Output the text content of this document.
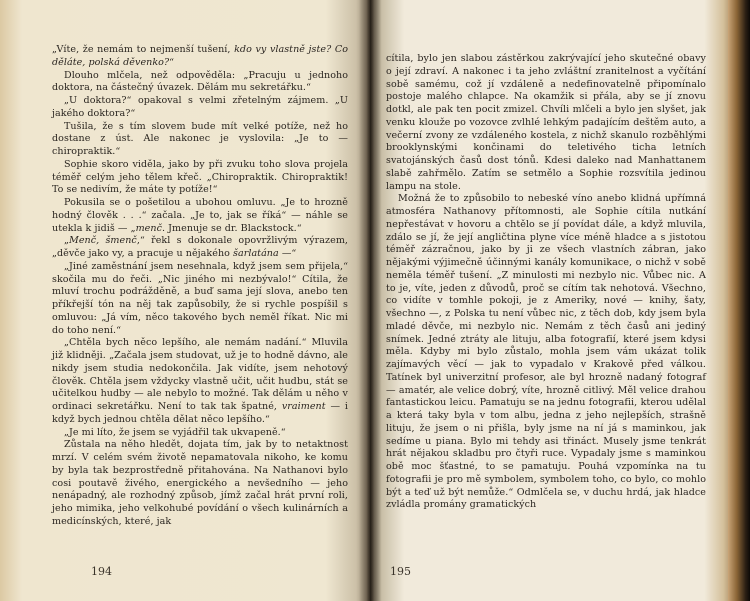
„Víte, že nemám to nejmenší tušení, kdo vy vlastně jste? Co děláte, polská děvenko?“

Dlouho mlčela, než odpověděla: „Pracuju u jednoho doktora, na částečný úvazek. Dělám mu sekretářku.“

„U doktora?“ opakoval s velmi zřetelným zájmem. „U jakého doktora?“

Tušila, že s tím slovem bude mít velké potíže, než ho dostane z úst. Ale nakonec je vyslovila: „Je to — chiropraktik.“

Sophie skoro viděla, jako by při zvuku toho slova projela téměř celým jeho tělem křeč. „Chiropraktik. Chiropraktik! To se nedivím, že máte ty potíže!“

Pokusila se o pošetilou a ubohou omluvu. „Je to hrozně hodný člověk . . .“ začala. „Je to, jak se říká“ — náhle se utekla k jidiš — „menč. Jmenuje se dr. Blackstock.“

„Menč, šmenč,“ řekl s dokonale opovržlivým výrazem, „děvče jako vy, a pracuje u nějakého šarlatána —“

„Jiné zaměstnání jsem nesehnala, když jsem sem přijela,“ skočila mu do řeči. „Nic jiného mi nezbývalo!“ Cítila, že mluví trochu podrážděně, a buď sama její slova, anebo ten příkřejší tón na něj tak zapůsobily, že si rychle pospíšil s omluvou: „Já vím, něco takového bych neměl říkat. Nic mi do toho není.“

„Chtěla bych něco lepšího, ale nemám nadání.“ Mluvila již klidněji. „Začala jsem studovat, už je to hodně dávno, ale nikdy jsem studia nedokončila. Jak vidíte, jsem nehotový člověk. Chtěla jsem vždycky vlastně učit, učit hudbu, stát se učitelkou hudby — ale nebylo to možné. Tak dělám u něho v ordinaci sekretářku. Není to tak tak špatné, vraiment — i když bych jednou chtěla dělat něco lepšího.“

„Je mi líto, že jsem se vyjádřil tak ukvapeně.“

Zůstala na něho hledět, dojata tím, jak by to netaktnost mrzí. V celém svém životě nepamatovala nikoho, ke komu by byla tak bezprostředně přitahována. Na Nathanovi bylo cosi poutavě živého, energického a nevšedního — jeho nenápadný, ale rozhodný způsob, jímž začal hrát první roli, jeho mimika, jeho velkohubé povídání o všech kulinárních a medicínských, které, jak

194

cítila, bylo jen slabou zástěrkou zakrývající jeho skutečné obavy o její zdraví. A nakonec i ta jeho zvláštní zranitelnost a vyčítání sobě samému, což jí vzdáleně a nedefinovatelně připomínalo postoje malého chlapce. Na okamžik si přála, aby se jí znovu dotkl, ale pak ten pocit zmizel. Chvíli mlčeli a bylo jen slyšet, jak venku klouže po vozovce zvlhlé lehkým padajícím deštěm auto, a večerní zvony ze vzdáleného kostela, z nichž skanulo rozběhlými brooklynskými končinami do teletivého ticha letních svatojánských časů dost tónů. Kdesi daleko nad Manhattanem slabě zahřmělo. Zatím se setmělo a Sophie rozsvítila jedinou lampu na stole.

Možná že to způsobilo to nebeské víno anebo klidná upřímná atmosféra Nathanovy přítomnosti, ale Sophie cítila nutkání nepřestávat v hovoru a chtělo se jí povídat dále, a když mluvila, zdálo se jí, že její angličtina plyne více méně hladce a s jistotou téměř zázračnou, jako by ji ze všech vlastních zábran, jako nějakými výjimečně účinnými kanály komunikace, o nichž v sobě neměla téměř tušení. „Z minulosti mi nezbylo nic. Vůbec nic. A to je, víte, jeden z důvodů, proč se cítím tak nehotová. Všechno, co vidíte v tomhle pokoji, je z Ameriky, nové — knihy, šaty, všechno —, z Polska tu není vůbec nic, z těch dob, kdy jsem byla mladé děvče, mi nezbylo nic. Nemám z těch časů ani jediný snímek. Jedné ztráty ale lituju, alba fotografií, které jsem kdysi měla. Kdyby mi bylo zůstalo, mohla jsem vám ukázat tolik zajímavých věcí — jak to vypadalo v Krakově před válkou. Tatínek byl univerzitní profesor, ale byl hrozně nadaný fotograf — amatér, ale velice dobrý, víte, hrozně citlivý. Měl velice drahou fantastickou leicu. Pamatuju se na jednu fotografii, kterou udělal a která taky byla v tom albu, jedna z jeho nejlepších, strašně lituju, že jsem o ni přišla, byly jsme na ní já s maminkou, jak sedíme u piana. Bylo mi tehdy asi třináct. Musely jsme tenkrát hrát nějakou skladbu pro čtyři ruce. Vypadaly jsme s maminkou obě moc šťastné, to se pamatuju. Pouhá vzpomínka na tu fotografii je pro mě symbolem, symbolem toho, co bylo, co mohlo být a teď už být nemůže.“ Odmlčela se, v duchu hrdá, jak hladce zvládla promány gramatických

195
